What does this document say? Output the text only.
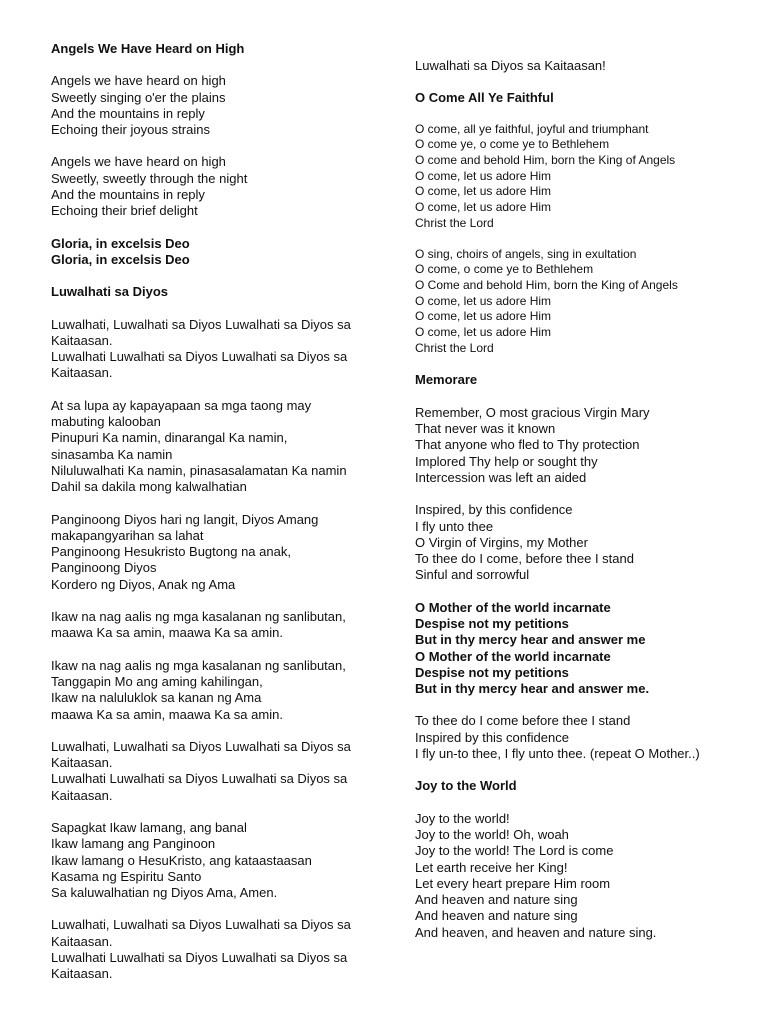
Angels We Have Heard on High
Angels we have heard on high
Sweetly singing o'er the plains
And the mountains in reply
Echoing their joyous strains
Angels we have heard on high
Sweetly, sweetly through the night
And the mountains in reply
Echoing their brief delight
Gloria, in excelsis Deo
Gloria, in excelsis Deo
Luwalhati sa Diyos
Luwalhati, Luwalhati sa Diyos Luwalhati sa Diyos sa
Kaitaasan.
Luwalhati Luwalhati sa Diyos Luwalhati sa Diyos sa
Kaitaasan.
At sa lupa ay kapayapaan sa mga taong may
mabuting kalooban
Pinupuri Ka namin, dinarangal Ka namin,
sinasamba Ka namin
Niluluwalhati Ka namin, pinasasalamatan Ka namin
Dahil sa dakila mong kalwalhatian
Panginoong Diyos hari ng langit, Diyos Amang
makapangyarihan sa lahat
Panginoong Hesukristo Bugtong na anak,
Panginoong Diyos
Kordero ng Diyos, Anak ng Ama
Ikaw na nag aalis ng mga kasalanan ng sanlibutan,
maawa Ka sa amin, maawa Ka sa amin.
Ikaw na nag aalis ng mga kasalanan ng sanlibutan,
Tanggapin Mo ang aming kahilingan,
Ikaw na naluluklok sa kanan ng Ama
maawa Ka sa amin, maawa Ka sa amin.
Luwalhati, Luwalhati sa Diyos Luwalhati sa Diyos sa
Kaitaasan.
Luwalhati Luwalhati sa Diyos Luwalhati sa Diyos sa
Kaitaasan.
Sapagkat Ikaw lamang, ang banal
Ikaw lamang ang Panginoon
Ikaw lamang o HesuKristo, ang kataastaasan
Kasama ng Espiritu Santo
Sa kaluwalhatian ng Diyos Ama, Amen.
Luwalhati, Luwalhati sa Diyos Luwalhati sa Diyos sa
Kaitaasan.
Luwalhati Luwalhati sa Diyos Luwalhati sa Diyos sa
Kaitaasan.
Luwalhati sa Diyos sa Kaitaasan!
O Come All Ye Faithful
O come, all ye faithful, joyful and triumphant
O come ye, o come ye to Bethlehem
O come and behold Him, born the King of Angels
O come, let us adore Him
O come, let us adore Him
O come, let us adore Him
Christ the Lord
O sing, choirs of angels, sing in exultation
O come, o come ye to Bethlehem
O Come and behold Him, born the King of Angels
O come, let us adore Him
O come, let us adore Him
O come, let us adore Him
Christ the Lord
Memorare
Remember, O most gracious Virgin Mary
That never was it known
That anyone who fled to Thy protection
Implored Thy help or sought thy
Intercession was left an aided
Inspired, by this confidence
I fly unto thee
O Virgin of Virgins, my Mother
To thee do I come, before thee I stand
Sinful and sorrowful
O Mother of the world incarnate
Despise not my petitions
But in thy mercy hear and answer me
O Mother of the world incarnate
Despise not my petitions
But in thy mercy hear and answer me.
To thee do I come before thee I stand
Inspired by this confidence
I fly un-to thee, I fly unto thee. (repeat O Mother..)
Joy to the World
Joy to the world!
Joy to the world! Oh, woah
Joy to the world! The Lord is come
Let earth receive her King!
Let every heart prepare Him room
And heaven and nature sing
And heaven and nature sing
And heaven, and heaven and nature sing.
